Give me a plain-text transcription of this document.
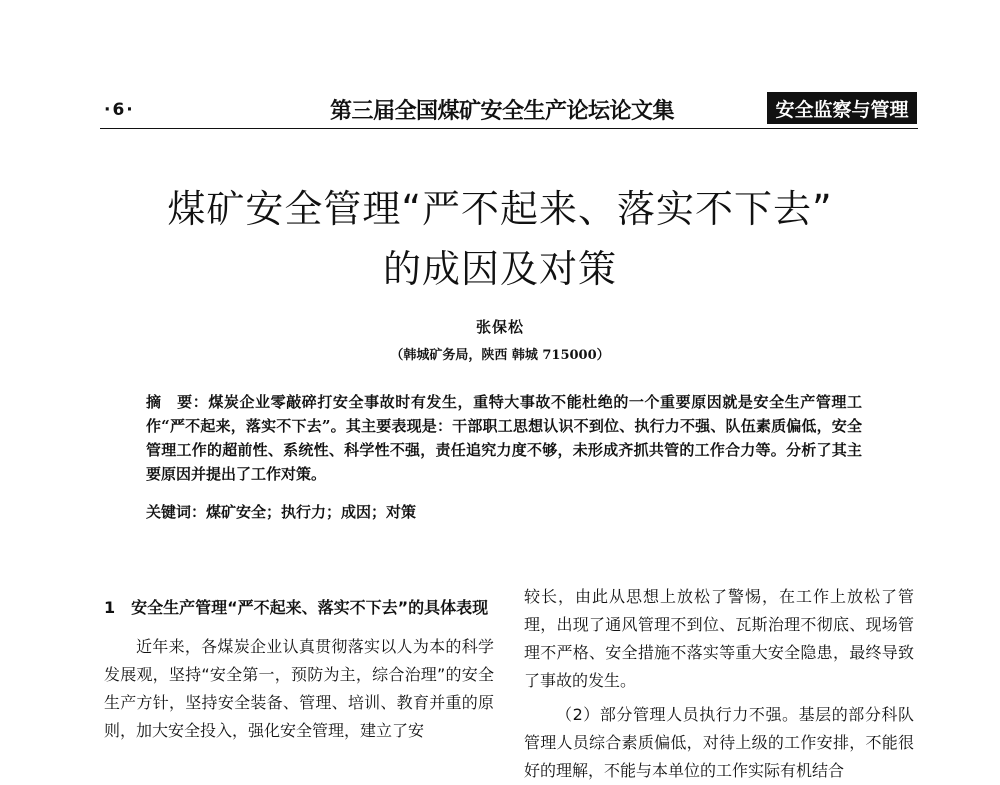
·6·	第三届全国煤矿安全生产论坛论文集	安全监察与管理
煤矿安全管理“严不起来、落实不下去”
的成因及对策
张保松
（韩城矿务局，陕西 韩城 715000）
摘　要：煤炭企业零敲碎打安全事故时有发生，重特大事故不能杜绝的一个重要原因就是安全生产管理工作“严不起来，落实不下去”。其主要表现是：干部职工思想认识不到位、执行力不强、队伍素质偏低，安全管理工作的超前性、系统性、科学性不强，责任追究力度不够，未形成齐抓共管的工作合力等。分析了其主要原因并提出了工作对策。
关键词：煤矿安全；执行力；成因；对策
1　安全生产管理“严不起来、落实不下去”的具体表现

近年来，各煤炭企业认真贯彻落实以人为本的科学发展观，坚持“安全第一，预防为主，综合治理”的安全生产方针，坚持安全装备、管理、培训、教育并重的原则，加大安全投入，强化安全管理，建立了安

较长，由此从思想上放松了警惕，在工作上放松了管理，出现了通风管理不到位、瓦斯治理不彻底、现场管理不严格、安全措施不落实等重大安全隐患，最终导致了事故的发生。

（2）部分管理人员执行力不强。基层的部分科队管理人员综合素质偏低，对待上级的工作安排，不能很好的理解，不能与本单位的工作实际有机结合
